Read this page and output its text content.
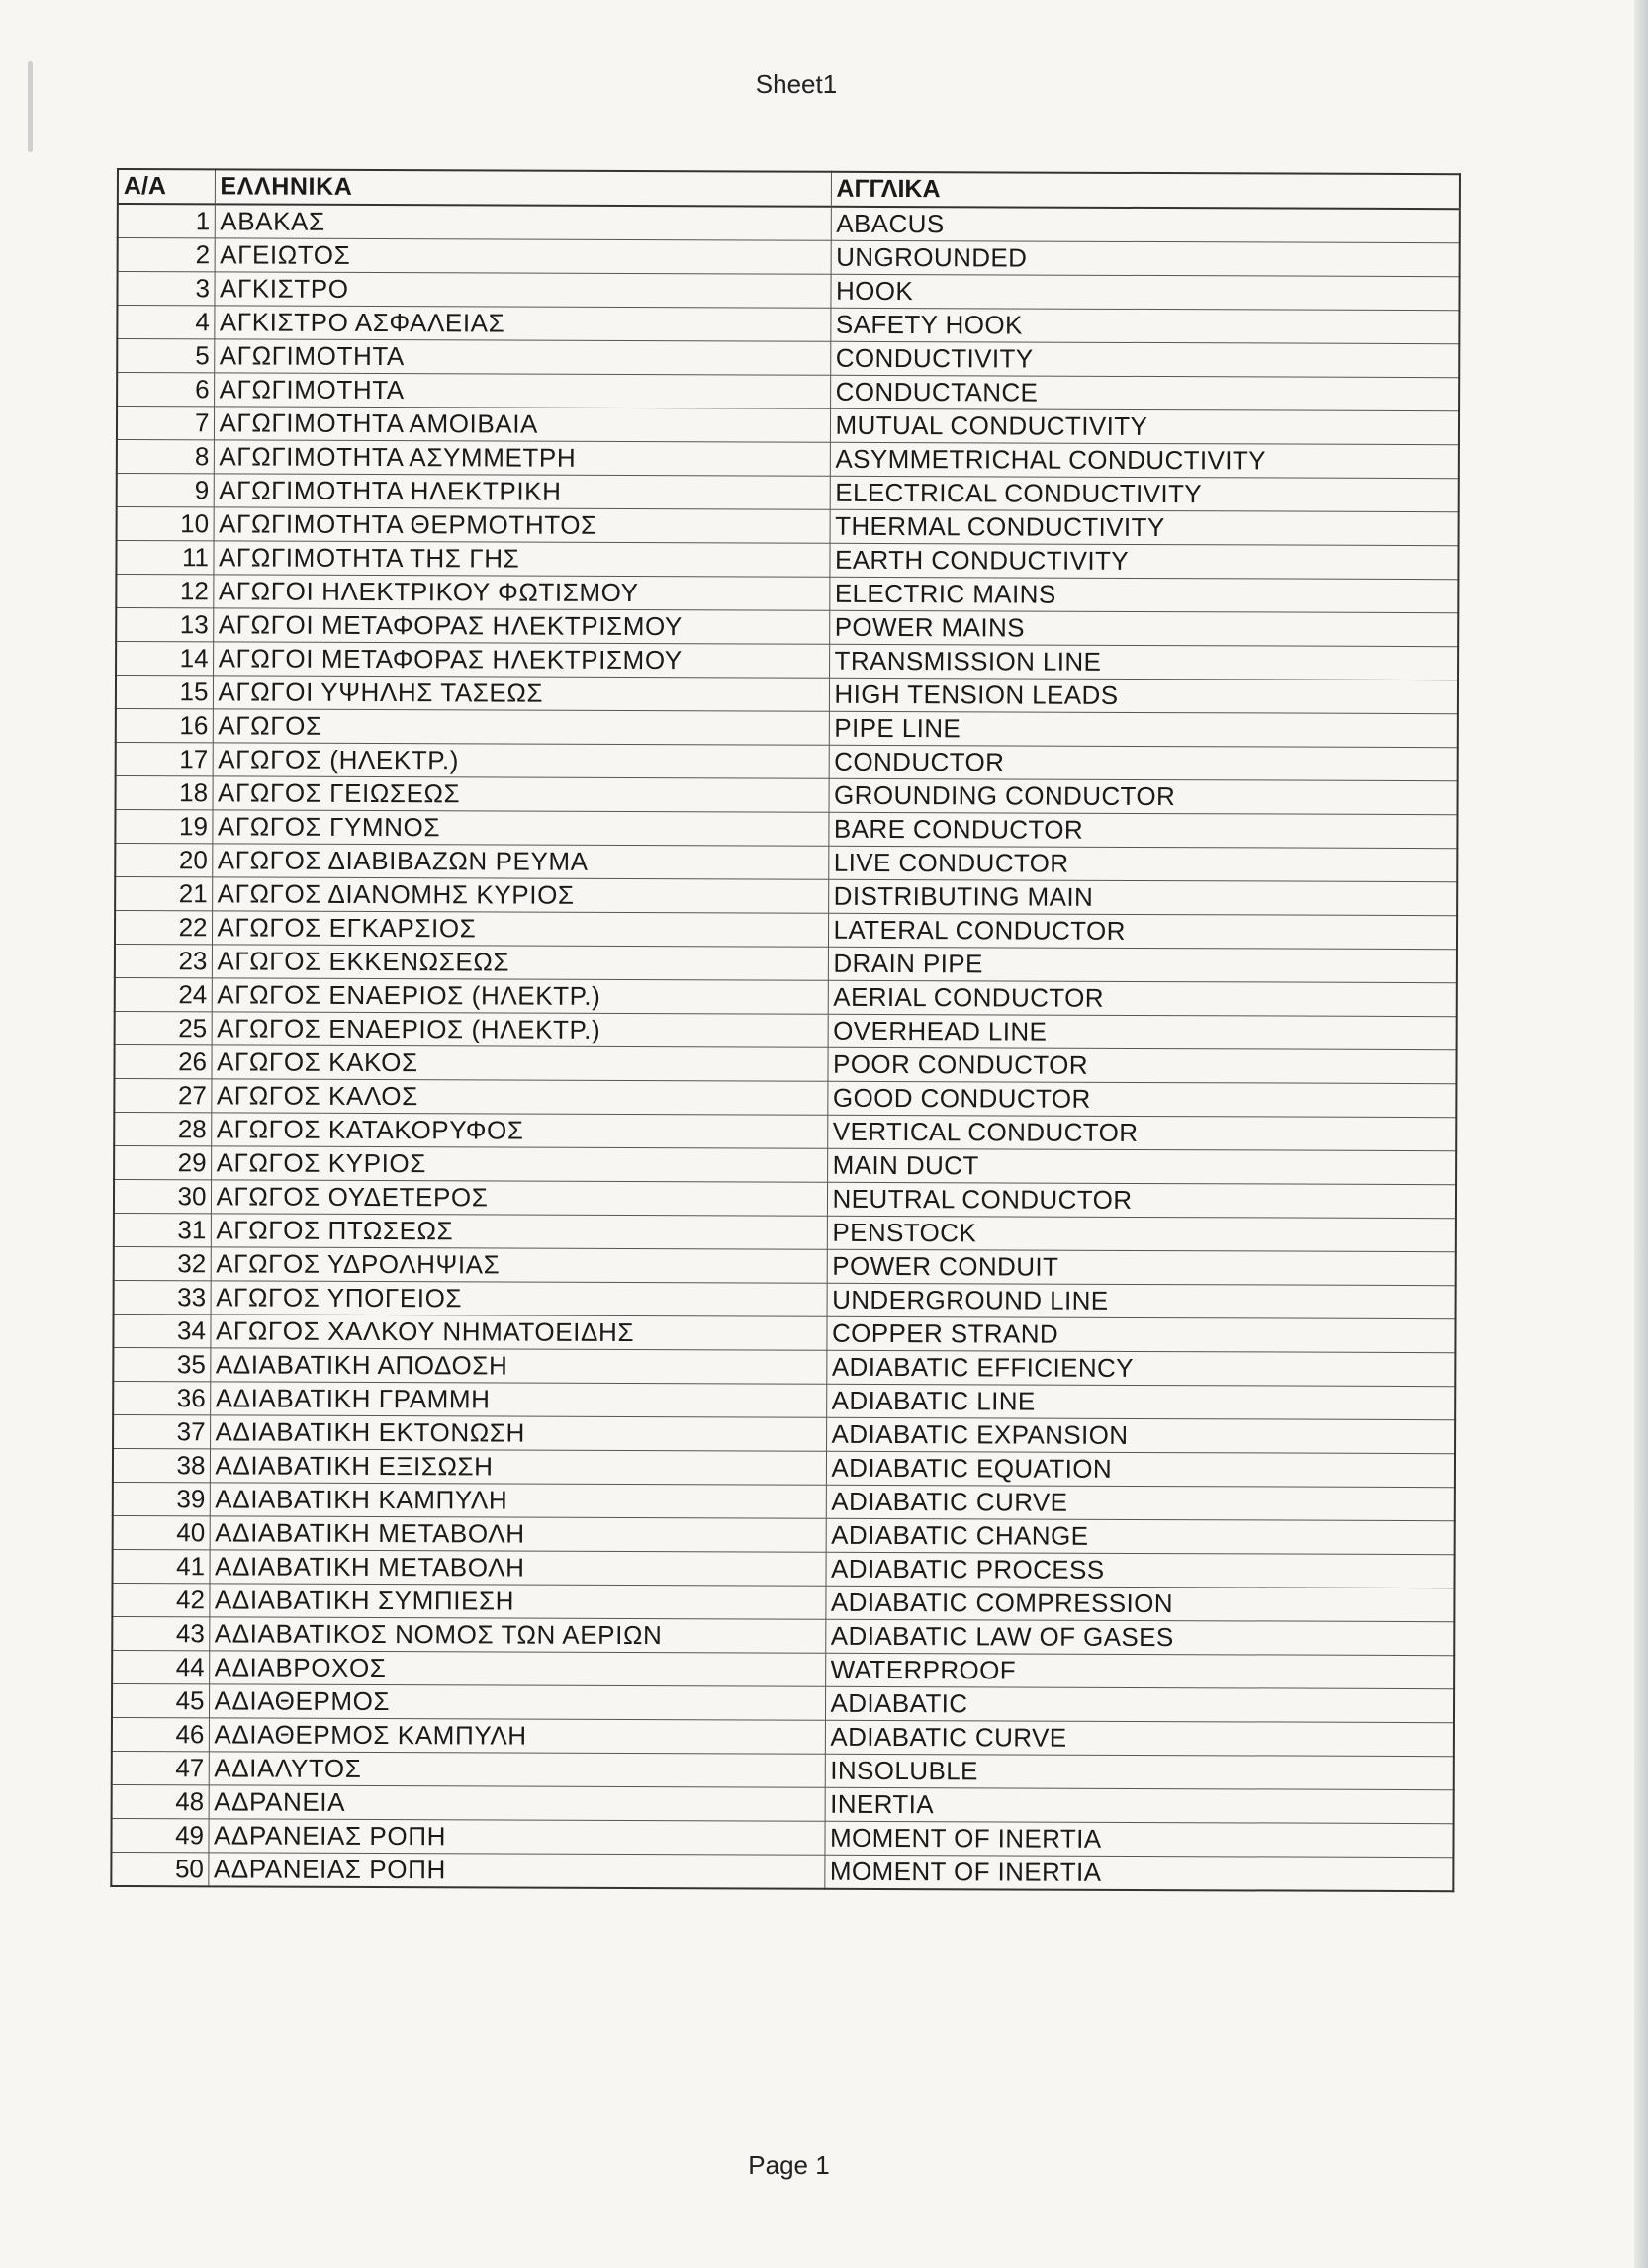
Sheet1
A/A	ΕΛΛΗΝΙΚΑ	ΑΓΓΛΙΚΑ
1	ΑΒΑΚΑΣ	ABACUS
2	ΑΓΕΙΩΤΟΣ	UNGROUNDED
3	ΑΓΚΙΣΤΡΟ	HOOK
4	ΑΓΚΙΣΤΡΟ ΑΣΦΑΛΕΙΑΣ	SAFETY HOOK
5	ΑΓΩΓΙΜΟΤΗΤΑ	CONDUCTIVITY
6	ΑΓΩΓΙΜΟΤΗΤΑ	CONDUCTANCE
7	ΑΓΩΓΙΜΟΤΗΤΑ ΑΜΟΙΒΑΙΑ	MUTUAL CONDUCTIVITY
8	ΑΓΩΓΙΜΟΤΗΤΑ ΑΣΥΜΜΕΤΡΗ	ASYMMETRICHAL CONDUCTIVITY
9	ΑΓΩΓΙΜΟΤΗΤΑ ΗΛΕΚΤΡΙΚΗ	ELECTRICAL CONDUCTIVITY
10	ΑΓΩΓΙΜΟΤΗΤΑ ΘΕΡΜΟΤΗΤΟΣ	THERMAL CONDUCTIVITY
11	ΑΓΩΓΙΜΟΤΗΤΑ ΤΗΣ ΓΗΣ	EARTH CONDUCTIVITY
12	ΑΓΩΓΟΙ ΗΛΕΚΤΡΙΚΟΥ ΦΩΤΙΣΜΟΥ	ELECTRIC MAINS
13	ΑΓΩΓΟΙ ΜΕΤΑΦΟΡΑΣ ΗΛΕΚΤΡΙΣΜΟΥ	POWER MAINS
14	ΑΓΩΓΟΙ ΜΕΤΑΦΟΡΑΣ ΗΛΕΚΤΡΙΣΜΟΥ	TRANSMISSION LINE
15	ΑΓΩΓΟΙ ΥΨΗΛΗΣ ΤΑΣΕΩΣ	HIGH TENSION LEADS
16	ΑΓΩΓΟΣ	PIPE LINE
17	ΑΓΩΓΟΣ (ΗΛΕΚΤΡ.)	CONDUCTOR
18	ΑΓΩΓΟΣ ΓΕΙΩΣΕΩΣ	GROUNDING CONDUCTOR
19	ΑΓΩΓΟΣ ΓΥΜΝΟΣ	BARE CONDUCTOR
20	ΑΓΩΓΟΣ ΔΙΑΒΙΒΑΖΩΝ ΡΕΥΜΑ	LIVE CONDUCTOR
21	ΑΓΩΓΟΣ ΔΙΑΝΟΜΗΣ ΚΥΡΙΟΣ	DISTRIBUTING MAIN
22	ΑΓΩΓΟΣ ΕΓΚΑΡΣΙΟΣ	LATERAL CONDUCTOR
23	ΑΓΩΓΟΣ ΕΚΚΕΝΩΣΕΩΣ	DRAIN PIPE
24	ΑΓΩΓΟΣ ΕΝΑΕΡΙΟΣ (ΗΛΕΚΤΡ.)	AERIAL CONDUCTOR
25	ΑΓΩΓΟΣ ΕΝΑΕΡΙΟΣ (ΗΛΕΚΤΡ.)	OVERHEAD LINE
26	ΑΓΩΓΟΣ ΚΑΚΟΣ	POOR CONDUCTOR
27	ΑΓΩΓΟΣ ΚΑΛΟΣ	GOOD CONDUCTOR
28	ΑΓΩΓΟΣ ΚΑΤΑΚΟΡΥΦΟΣ	VERTICAL CONDUCTOR
29	ΑΓΩΓΟΣ ΚΥΡΙΟΣ	MAIN DUCT
30	ΑΓΩΓΟΣ ΟΥΔΕΤΕΡΟΣ	NEUTRAL CONDUCTOR
31	ΑΓΩΓΟΣ ΠΤΩΣΕΩΣ	PENSTOCK
32	ΑΓΩΓΟΣ ΥΔΡΟΛΗΨΙΑΣ	POWER CONDUIT
33	ΑΓΩΓΟΣ ΥΠΟΓΕΙΟΣ	UNDERGROUND LINE
34	ΑΓΩΓΟΣ ΧΑΛΚΟΥ ΝΗΜΑΤΟΕΙΔΗΣ	COPPER STRAND
35	ΑΔΙΑΒΑΤΙΚΗ ΑΠΟΔΟΣΗ	ADIABATIC EFFICIENCY
36	ΑΔΙΑΒΑΤΙΚΗ ΓΡΑΜΜΗ	ADIABATIC LINE
37	ΑΔΙΑΒΑΤΙΚΗ ΕΚΤΟΝΩΣΗ	ADIABATIC EXPANSION
38	ΑΔΙΑΒΑΤΙΚΗ ΕΞΙΣΩΣΗ	ADIABATIC EQUATION
39	ΑΔΙΑΒΑΤΙΚΗ ΚΑΜΠΥΛΗ	ADIABATIC CURVE
40	ΑΔΙΑΒΑΤΙΚΗ ΜΕΤΑΒΟΛΗ	ADIABATIC CHANGE
41	ΑΔΙΑΒΑΤΙΚΗ ΜΕΤΑΒΟΛΗ	ADIABATIC PROCESS
42	ΑΔΙΑΒΑΤΙΚΗ ΣΥΜΠΙΕΣΗ	ADIABATIC COMPRESSION
43	ΑΔΙΑΒΑΤΙΚΟΣ ΝΟΜΟΣ ΤΩΝ ΑΕΡΙΩΝ	ADIABATIC LAW OF GASES
44	ΑΔΙΑΒΡΟΧΟΣ	WATERPROOF
45	ΑΔΙΑΘΕΡΜΟΣ	ADIABATIC
46	ΑΔΙΑΘΕΡΜΟΣ ΚΑΜΠΥΛΗ	ADIABATIC CURVE
47	ΑΔΙΑΛΥΤΟΣ	INSOLUBLE
48	ΑΔΡΑΝΕΙΑ	INERTIA
49	ΑΔΡΑΝΕΙΑΣ ΡΟΠΗ	MOMENT OF INERTIA
50	ΑΔΡΑΝΕΙΑΣ ΡΟΠΗ	MOMENT OF INERTIA
Page 1
